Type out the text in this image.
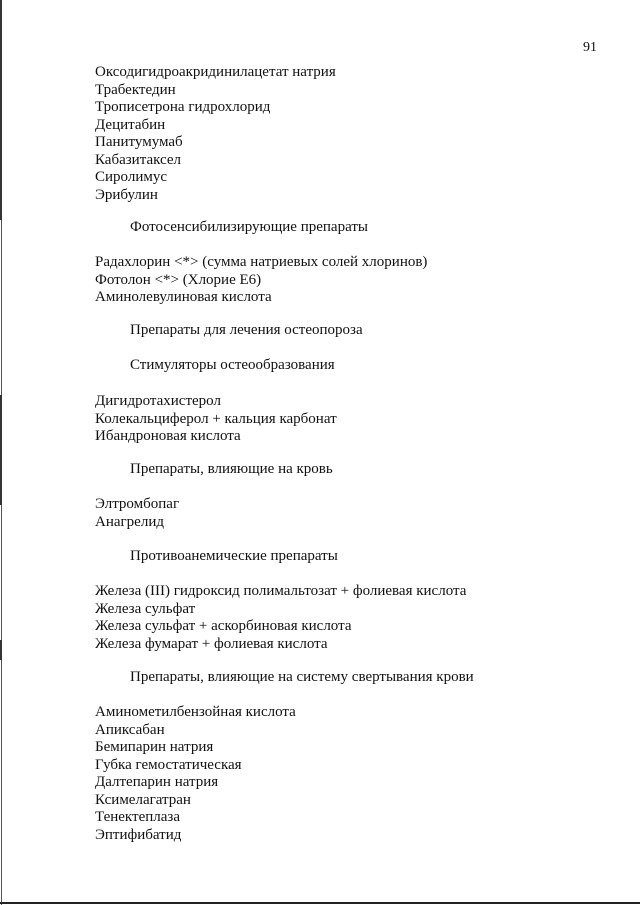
91
Оксодигидроакридинилацетат натрия
Трабектедин
Трописетрона гидрохлорид
Децитабин
Панитумумаб
Кабазитаксел
Сиролимус
Эрибулин
Фотосенсибилизирующие препараты
Радахлорин <*> (сумма натриевых солей хлоринов)
Фотолон <*> (Хлорие Е6)
Аминолевулиновая кислота
Препараты для лечения остеопороза
Стимуляторы остеообразования
Дигидротахистерол
Колекальциферол + кальция карбонат
Ибандроновая кислота
Препараты, влияющие на кровь
Элтромбопаг
Анагрелид
Противоанемические препараты
Железа (III) гидроксид полимальтозат + фолиевая кислота
Железа сульфат
Железа сульфат + аскорбиновая кислота
Железа фумарат + фолиевая кислота
Препараты, влияющие на систему свертывания крови
Аминометилбензойная кислота
Апиксабан
Бемипарин натрия
Губка гемостатическая
Далтепарин натрия
Ксимелагатран
Тенектеплаза
Эптифибатид
